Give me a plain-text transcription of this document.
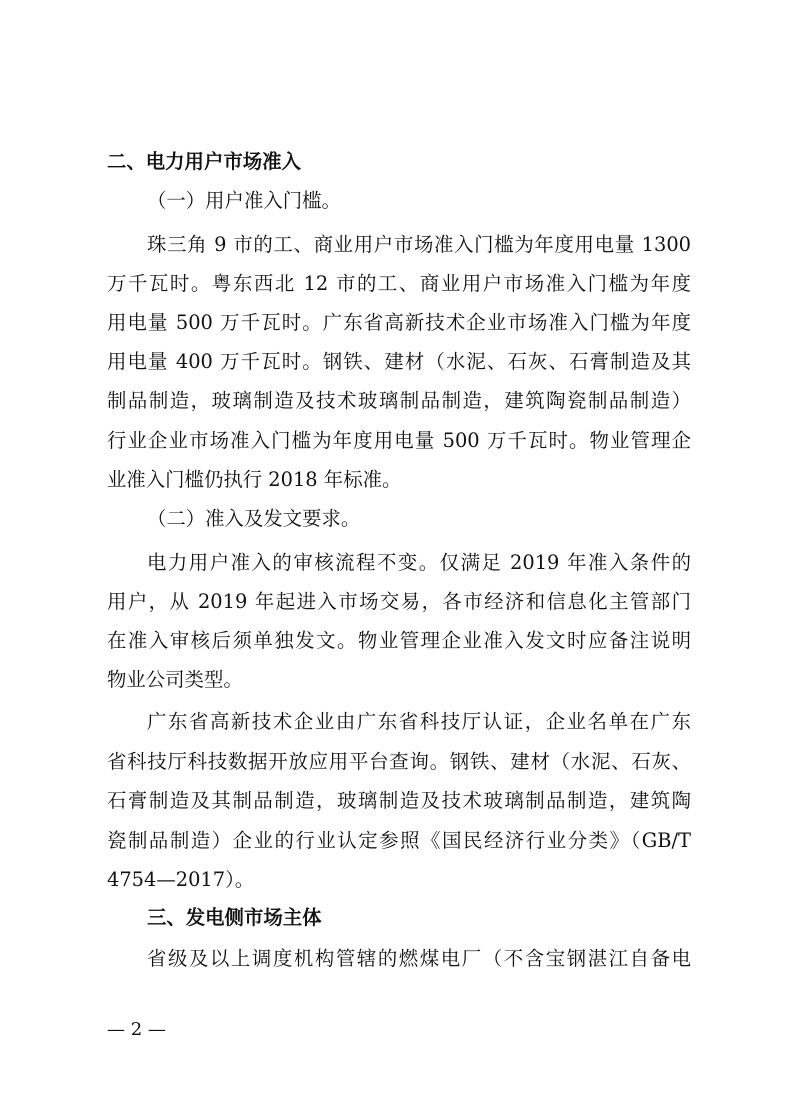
二、电力用户市场准入
（一）用户准入门槛。
珠三角 9 市的工、商业用户市场准入门槛为年度用电量 1300
万千瓦时。粤东西北 12 市的工、商业用户市场准入门槛为年度
用电量 500 万千瓦时。广东省高新技术企业市场准入门槛为年度
用电量 400 万千瓦时。钢铁、建材（水泥、石灰、石膏制造及其
制品制造，玻璃制造及技术玻璃制品制造，建筑陶瓷制品制造）
行业企业市场准入门槛为年度用电量 500 万千瓦时。物业管理企
业准入门槛仍执行 2018 年标准。
（二）准入及发文要求。
电力用户准入的审核流程不变。仅满足 2019 年准入条件的
用户，从 2019 年起进入市场交易，各市经济和信息化主管部门
在准入审核后须单独发文。物业管理企业准入发文时应备注说明
物业公司类型。
广东省高新技术企业由广东省科技厅认证，企业名单在广东
省科技厅科技数据开放应用平台查询。钢铁、建材（水泥、石灰、
石膏制造及其制品制造，玻璃制造及技术玻璃制品制造，建筑陶
瓷制品制造）企业的行业认定参照《国民经济行业分类》（GB/T
4754—2017）。
三、发电侧市场主体
省级及以上调度机构管辖的燃煤电厂（不含宝钢湛江自备电
— 2 —
